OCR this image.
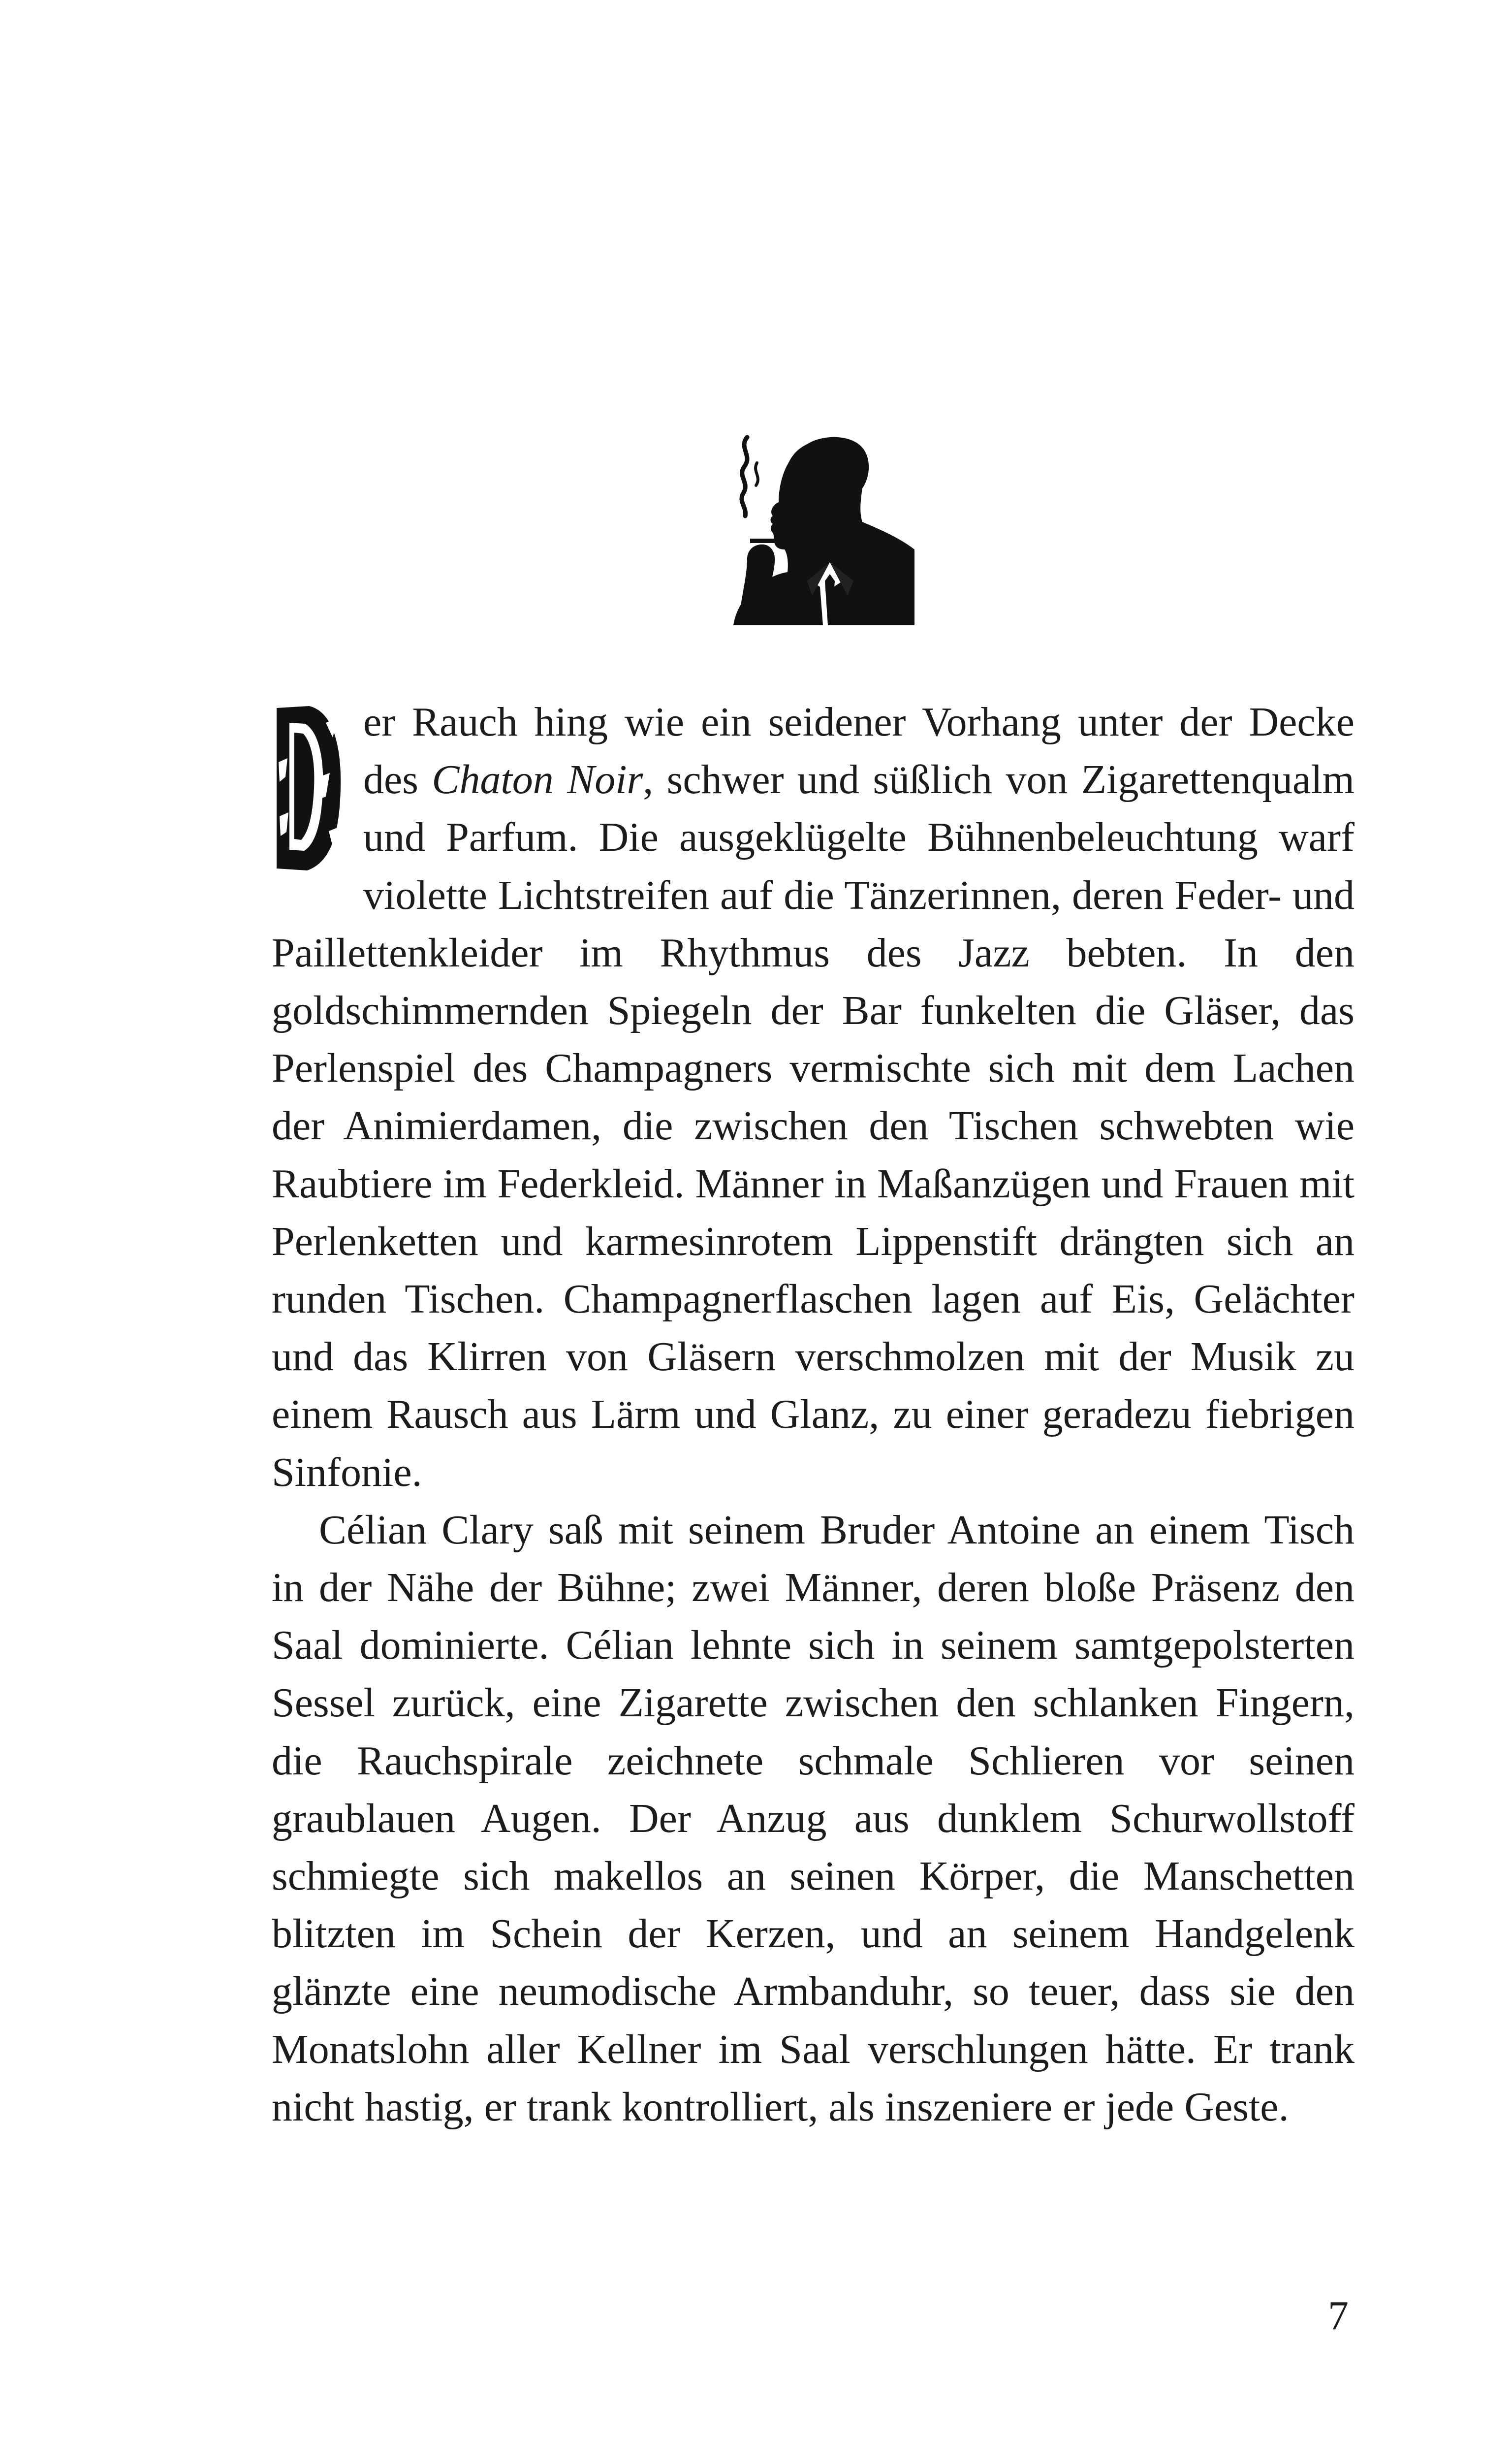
er Rauch hing wie ein seidener Vorhang unter der Decke des Chaton Noir, schwer und süßlich von Zigarettenqualm und Parfum. Die ausgeklügelte Bühnenbeleuchtung warf violette Lichtstreifen auf die Tänzerinnen, deren Feder- und Paillettenkleider im Rhythmus des Jazz bebten. In den goldschimmernden Spiegeln der Bar funkelten die Gläser, das Perlenspiel des Champagners vermischte sich mit dem Lachen der Animierdamen, die zwischen den Tischen schwebten wie Raubtiere im Federkleid. Männer in Maßanzügen und Frauen mit Perlenketten und karmesinrotem Lippenstift drängten sich an runden Tischen. Champagnerflaschen lagen auf Eis, Gelächter und das Klirren von Gläsern verschmolzen mit der Musik zu einem Rausch aus Lärm und Glanz, zu einer geradezu fiebrigen Sinfonie.

Célian Clary saß mit seinem Bruder Antoine an einem Tisch in der Nähe der Bühne; zwei Männer, deren bloße Präsenz den Saal dominierte. Célian lehnte sich in seinem samtgepolsterten Sessel zurück, eine Zigarette zwischen den schlanken Fingern, die Rauchspirale zeichnete schmale Schlieren vor seinen graublauen Augen. Der Anzug aus dunklem Schurwollstoff schmiegte sich makellos an seinen Körper, die Manschetten blitzten im Schein der Kerzen, und an seinem Handgelenk glänzte eine neumodische Armbanduhr, so teuer, dass sie den Monatslohn aller Kellner im Saal verschlungen hätte. Er trank nicht hastig, er trank kontrolliert, als inszeniere er jede Geste.

7
